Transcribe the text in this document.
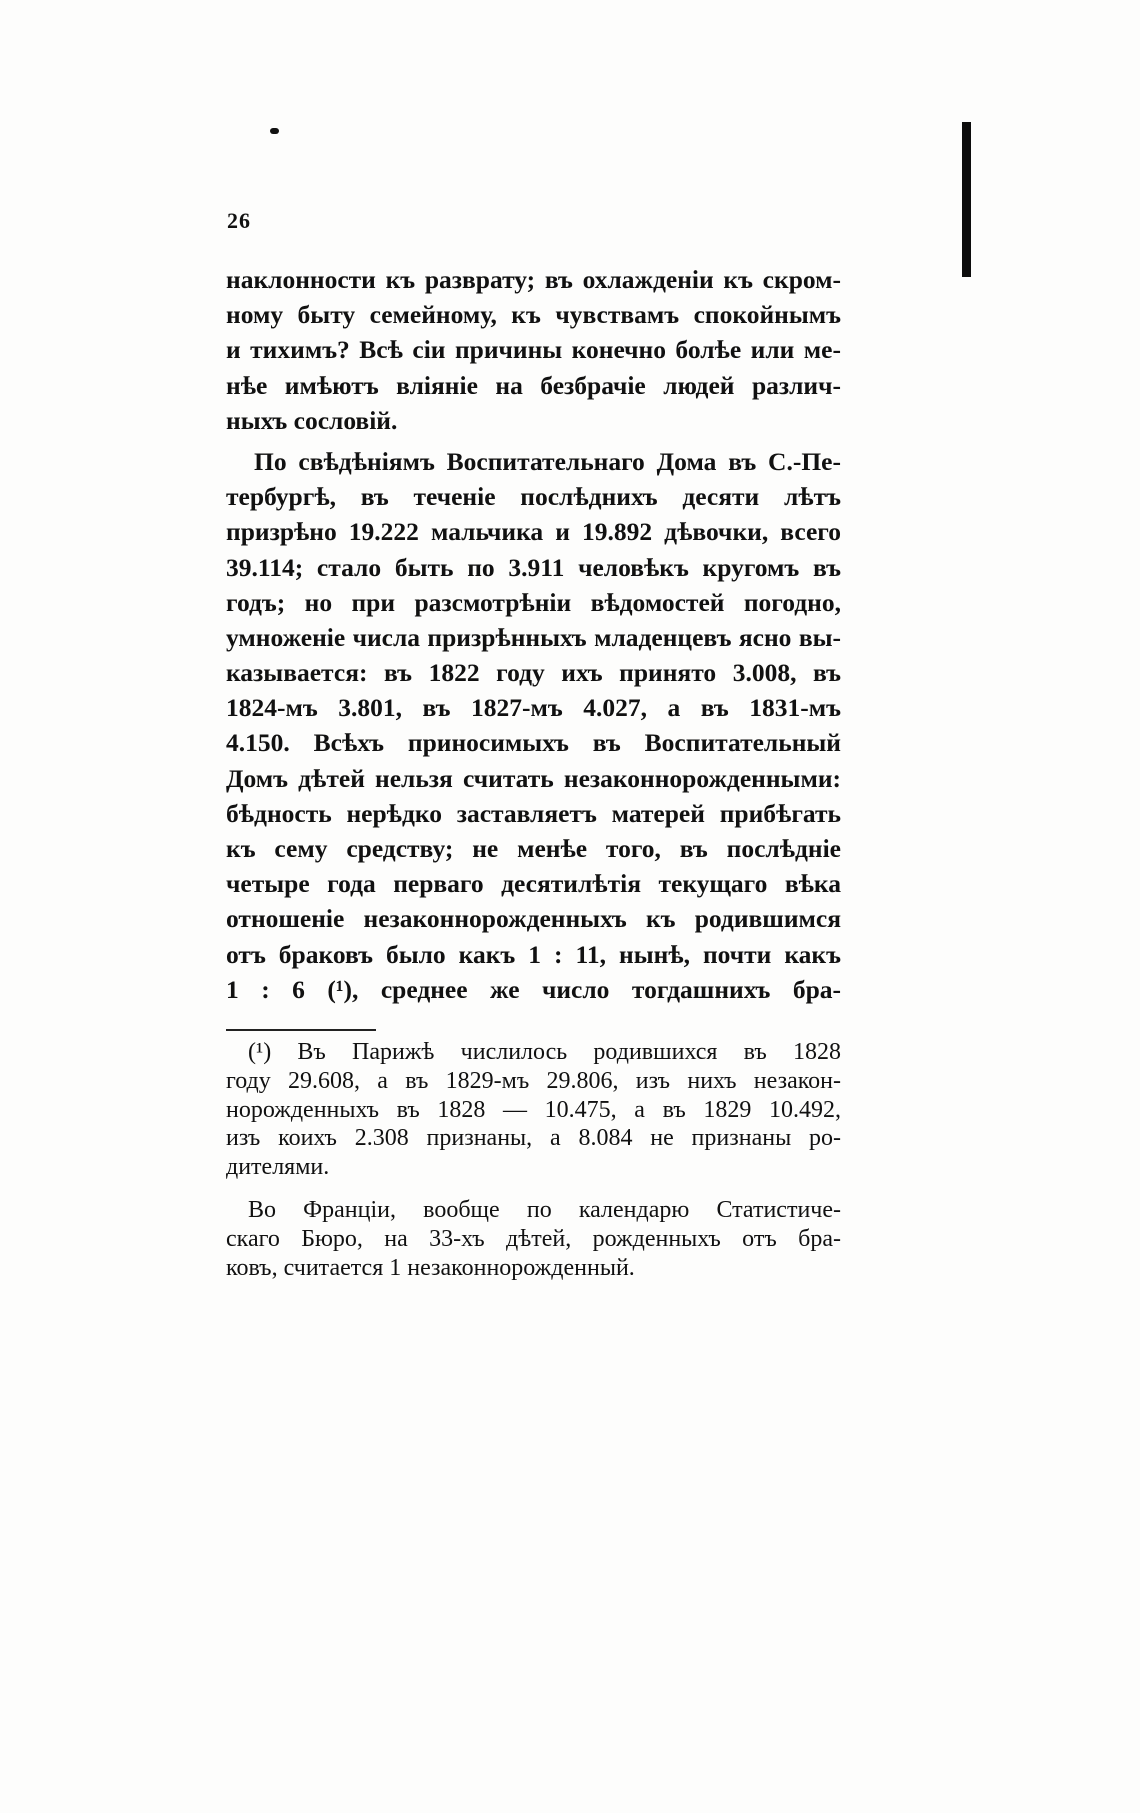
26
наклонности къ разврату; въ охлажденіи къ скром-
ному быту семейному, къ чувствамъ спокойнымъ
и тихимъ? Всѣ сіи причины конечно болѣе или ме-
нѣе имѣютъ вліяніе на безбрачіе людей различ-
ныхъ сословій.
По свѣдѣніямъ Воспитательнаго Дома въ С.-Пе-
тербургѣ, въ теченіе послѣднихъ десяти лѣтъ
призрѣно 19.222 мальчика и 19.892 дѣвочки, всего
39.114; стало быть по 3.911 человѣкъ кругомъ въ
годъ; но при разсмотрѣніи вѣдомостей погодно,
умноженіе числа призрѣнныхъ младенцевъ ясно вы-
казывается: въ 1822 году ихъ принято 3.008, въ
1824-мъ 3.801, въ 1827-мъ 4.027, а въ 1831-мъ
4.150. Всѣхъ приносимыхъ въ Воспитательный
Домъ дѣтей нельзя считать незаконнорожденными:
бѣдность нерѣдко заставляетъ матерей прибѣгать
къ сему средству; не менѣе того, въ послѣдніе
четыре года перваго десятилѣтія текущаго вѣка
отношеніе незаконнорожденныхъ къ родившимся
отъ браковъ было какъ 1 : 11, нынѣ, почти какъ
1 : 6 (¹), среднее же число тогдашнихъ бра-
(¹) Въ Парижѣ числилось родившихся въ 1828
году 29.608, а въ 1829-мъ 29.806, изъ нихъ незакон-
норожденныхъ въ 1828 — 10.475, а въ 1829 10.492,
изъ коихъ 2.308 признаны, а 8.084 не признаны ро-
дителями.
Во Франціи, вообще по календарю Статистиче-
скаго Бюро, на 33-хъ дѣтей, рожденныхъ отъ бра-
ковъ, считается 1 незаконнорожденный.
